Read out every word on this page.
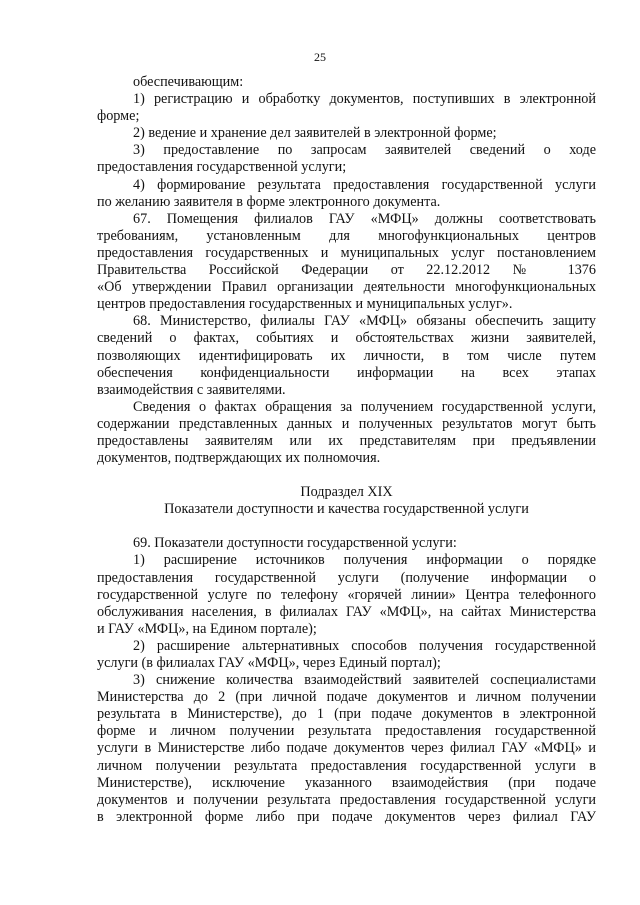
25
обеспечивающим:
1) регистрацию и обработку документов, поступивших в электронной
форме;
2) ведение и хранение дел заявителей в электронной форме;
3) предоставление по запросам заявителей сведений о ходе
предоставления государственной услуги;
4) формирование результата предоставления государственной услуги
по желанию заявителя в форме электронного документа.
67. Помещения филиалов ГАУ «МФЦ» должны соответствовать
требованиям, установленным для многофункциональных центров
предоставления государственных и муниципальных услуг постановлением
Правительства Российской Федерации от 22.12.2012 № 1376
«Об утверждении Правил организации деятельности многофункциональных
центров предоставления государственных и муниципальных услуг».
68. Министерство, филиалы ГАУ «МФЦ» обязаны обеспечить защиту
сведений о фактах, событиях и обстоятельствах жизни заявителей,
позволяющих идентифицировать их личности, в том числе путем
обеспечения конфиденциальности информации на всех этапах
взаимодействия с заявителями.
Сведения о фактах обращения за получением государственной услуги,
содержании представленных данных и полученных результатов могут быть
предоставлены заявителям или их представителям при предъявлении
документов, подтверждающих их полномочия.
Подраздел XIX
Показатели доступности и качества государственной услуги
69. Показатели доступности государственной услуги:
1) расширение источников получения информации о порядке
предоставления государственной услуги (получение информации о
государственной услуге по телефону «горячей линии» Центра телефонного
обслуживания населения, в филиалах ГАУ «МФЦ», на сайтах Министерства
и ГАУ «МФЦ», на Едином портале);
2) расширение альтернативных способов получения государственной
услуги (в филиалах ГАУ «МФЦ», через Единый портал);
3) снижение количества взаимодействий заявителей соспециалистами
Министерства до 2 (при личной подаче документов и личном получении
результата в Министерстве), до 1 (при подаче документов в электронной
форме и личном получении результата предоставления государственной
услуги в Министерстве либо подаче документов через филиал ГАУ «МФЦ» и
личном получении результата предоставления государственной услуги в
Министерстве), исключение указанного взаимодействия (при подаче
документов и получении результата предоставления государственной услуги
в электронной форме либо при подаче документов через филиал ГАУ
